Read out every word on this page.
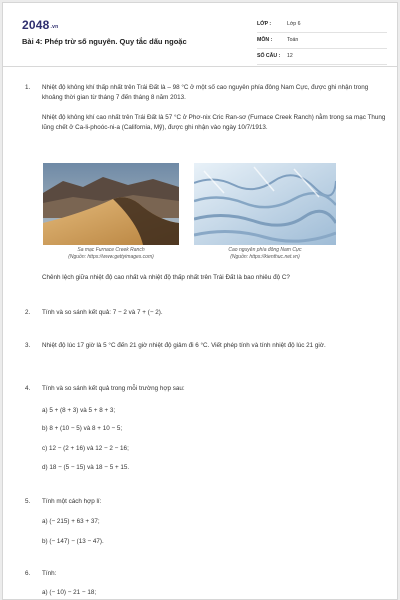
2048.vn
Bài 4: Phép trừ số nguyên. Quy tắc dấu ngoặc
LỚP :	Lớp 6
MÔN :	Toán
SỐ CÂU : 12
1. Nhiệt độ không khí thấp nhất trên Trái Đất là – 98 °C ở một số cao nguyên phía đông Nam Cực, được ghi nhận trong khoảng thời gian từ tháng 7 đến tháng 8 năm 2013.
Nhiệt độ không khí cao nhất trên Trái Đất là 57 °C ở Phơ-nix Cric Ran-sơ (Furnace Creek Ranch) nằm trong sa mạc Thung lũng chết ở Ca-li-phoóc-ni-a (California, Mỹ), được ghi nhận vào ngày 10/7/1913.
Sa mạc Furnace Creek Ranch
(Nguồn: https://www.gettyimages.com)
Cao nguyên phía đông Nam Cực
(Nguồn: https://kienthuc.net.vn)
Chênh lệch giữa nhiệt độ cao nhất và nhiệt độ thấp nhất trên Trái Đất là bao nhiêu độ C?
2. Tính và so sánh kết quả: 7 − 2 và 7 + (− 2).
3. Nhiệt độ lúc 17 giờ là 5 °C đến 21 giờ nhiệt độ giảm đi 6 °C. Viết phép tính và tính nhiệt độ lúc 21 giờ.
4. Tính và so sánh kết quả trong mỗi trường hợp sau:
a) 5 + (8 + 3) và 5 + 8 + 3;
b) 8 + (10 − 5) và 8 + 10 − 5;
c) 12 − (2 + 16) và 12 − 2 − 16;
d) 18 − (5 − 15) và 18 − 5 + 15.
5. Tính một cách hợp lí:
a) (− 215) + 63 + 37;
b) (− 147) − (13 − 47).
6. Tính:
a) (− 10) − 21 − 18;
